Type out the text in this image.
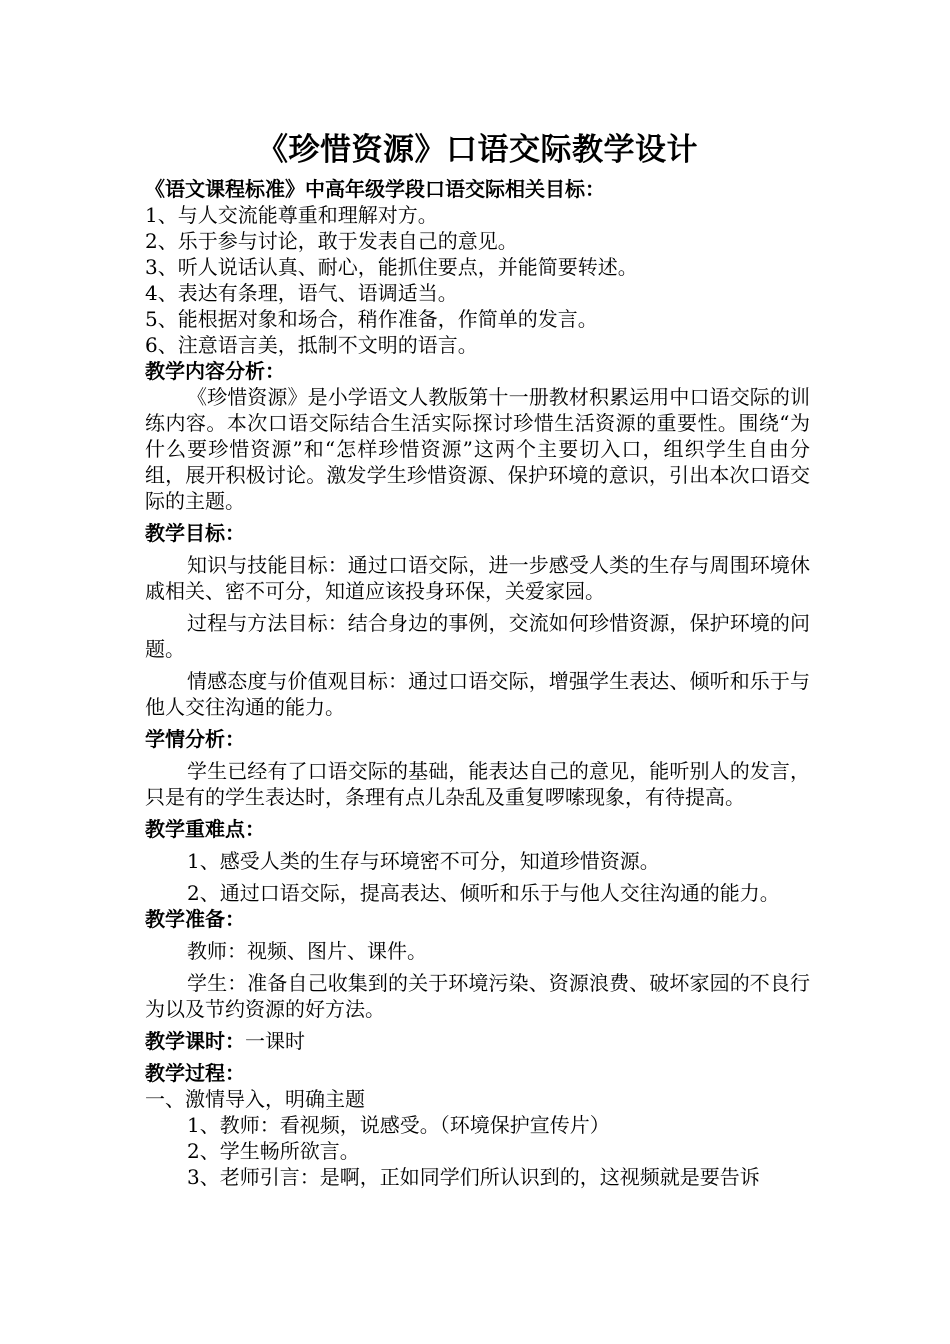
《珍惜资源》口语交际教学设计

《语文课程标准》中高年级学段口语交际相关目标：

1、与人交流能尊重和理解对方。

2、乐于参与讨论，敢于发表自己的意见。

3、听人说话认真、耐心，能抓住要点，并能简要转述。

4、表达有条理，语气、语调适当。

5、能根据对象和场合，稍作准备，作简单的发言。

6、注意语言美，抵制不文明的语言。

教学内容分析：

《珍惜资源》是小学语文人教版第十一册教材积累运用中口语交际的训练内容。本次口语交际结合生活实际探讨珍惜生活资源的重要性。围绕“为什么要珍惜资源”和“怎样珍惜资源”这两个主要切入口，组织学生自由分组，展开积极讨论。激发学生珍惜资源、保护环境的意识，引出本次口语交际的主题。

教学目标：

知识与技能目标：通过口语交际，进一步感受人类的生存与周围环境休戚相关、密不可分，知道应该投身环保，关爱家园。

过程与方法目标：结合身边的事例，交流如何珍惜资源，保护环境的问题。

情感态度与价值观目标：通过口语交际，增强学生表达、倾听和乐于与他人交往沟通的能力。

学情分析：

学生已经有了口语交际的基础，能表达自己的意见，能听别人的发言，只是有的学生表达时，条理有点儿杂乱及重复啰嗦现象，有待提高。

教学重难点：

1、感受人类的生存与环境密不可分，知道珍惜资源。

2、通过口语交际，提高表达、倾听和乐于与他人交往沟通的能力。

教学准备：

教师：视频、图片、课件。

学生：准备自己收集到的关于环境污染、资源浪费、破坏家园的不良行为以及节约资源的好方法。

教学课时：一课时

教学过程：

一、激情导入，明确主题

1、教师：看视频，说感受。（环境保护宣传片）

2、学生畅所欲言。

3、老师引言：是啊，正如同学们所认识到的，这视频就是要告诉
